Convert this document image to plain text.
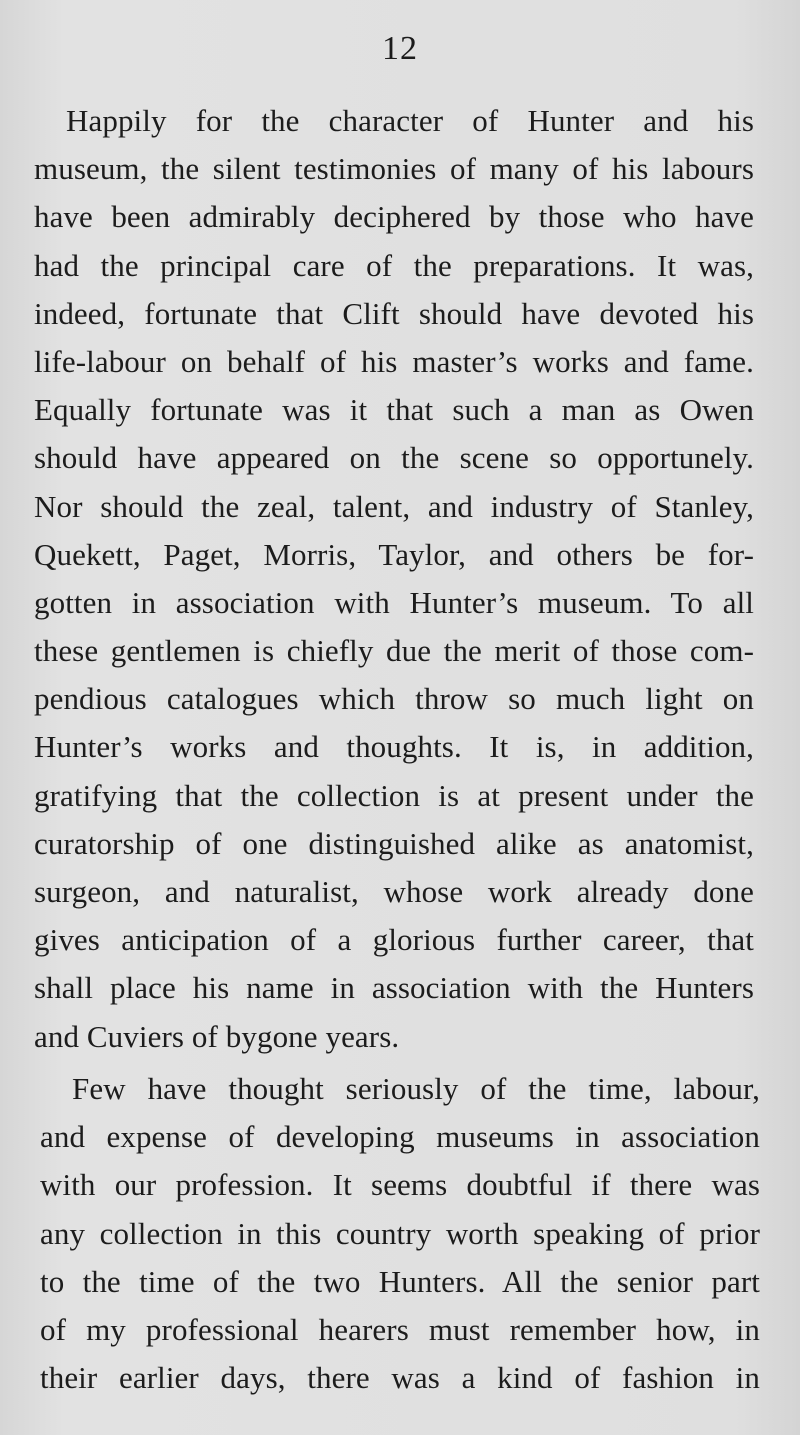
12
Happily for the character of Hunter and his
museum, the silent testimonies of many of his labours
have been admirably deciphered by those who have
had the principal care of the preparations. It was,
indeed, fortunate that Clift should have devoted his
life-labour on behalf of his master’s works and fame.
Equally fortunate was it that such a man as Owen
should have appeared on the scene so opportunely.
Nor should the zeal, talent, and industry of Stanley,
Quekett, Paget, Morris, Taylor, and others be for-
gotten in association with Hunter’s museum. To all
these gentlemen is chiefly due the merit of those com-
pendious catalogues which throw so much light on
Hunter’s works and thoughts. It is, in addition,
gratifying that the collection is at present under the
curatorship of one distinguished alike as anatomist,
surgeon, and naturalist, whose work already done
gives anticipation of a glorious further career, that
shall place his name in association with the Hunters
and Cuviers of bygone years.
Few have thought seriously of the time, labour,
and expense of developing museums in association
with our profession. It seems doubtful if there was
any collection in this country worth speaking of prior
to the time of the two Hunters. All the senior part
of my professional hearers must remember how, in
their earlier days, there was a kind of fashion in
